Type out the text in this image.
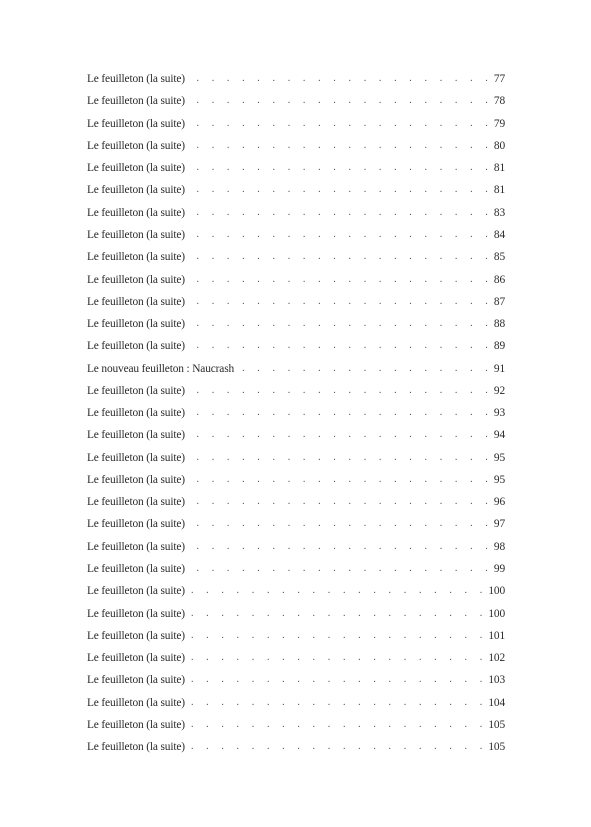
Le feuilleton (la suite) . . .	77
Le feuilleton (la suite) . . .	78
Le feuilleton (la suite) . . .	79
Le feuilleton (la suite) . . .	80
Le feuilleton (la suite) . . .	81
Le feuilleton (la suite) . . .	81
Le feuilleton (la suite) . . .	83
Le feuilleton (la suite) . . .	84
Le feuilleton (la suite) . . .	85
Le feuilleton (la suite) . . .	86
Le feuilleton (la suite) . . .	87
Le feuilleton (la suite) . . .	88
Le feuilleton (la suite) . . .	89
Le nouveau feuilleton : Naucrash . . .	91
Le feuilleton (la suite) . . .	92
Le feuilleton (la suite) . . .	93
Le feuilleton (la suite) . . .	94
Le feuilleton (la suite) . . .	95
Le feuilleton (la suite) . . .	95
Le feuilleton (la suite) . . .	96
Le feuilleton (la suite) . . .	97
Le feuilleton (la suite) . . .	98
Le feuilleton (la suite) . . .	99
Le feuilleton (la suite) . . .	100
Le feuilleton (la suite) . . .	100
Le feuilleton (la suite) . . .	101
Le feuilleton (la suite) . . .	102
Le feuilleton (la suite) . . .	103
Le feuilleton (la suite) . . .	104
Le feuilleton (la suite) . . .	105
Le feuilleton (la suite) . . .	105
